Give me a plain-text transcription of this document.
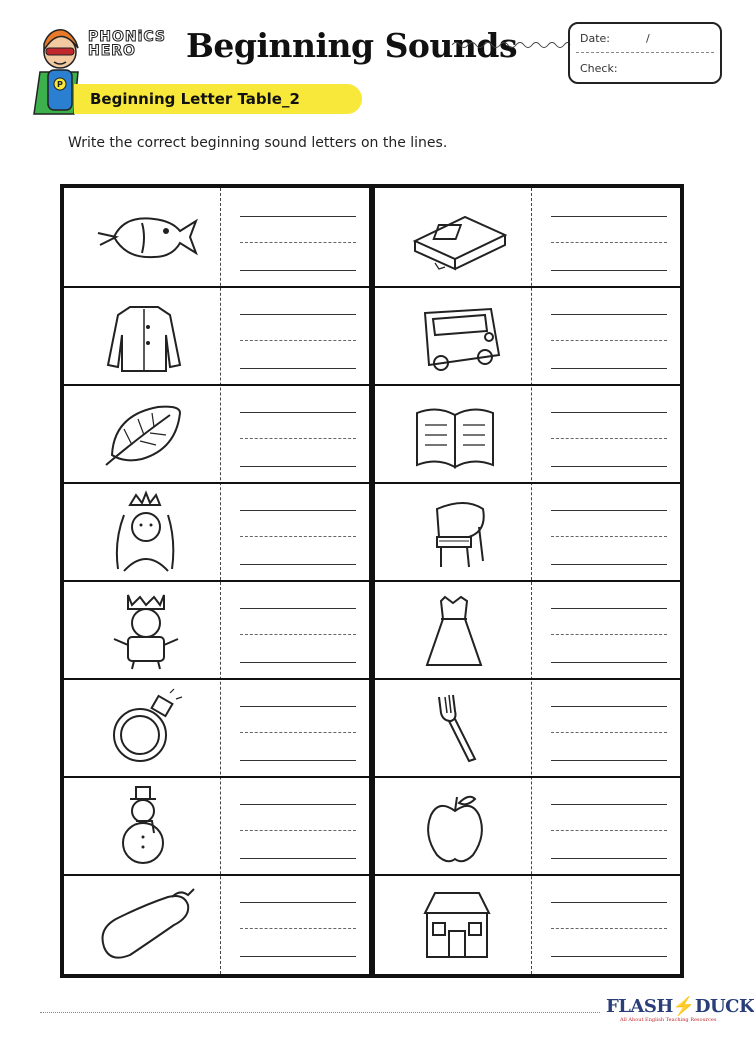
P
PHONiCS
HERO	Beginning Sounds	Date:	/
Check:
Beginning Letter Table_2
Write the correct beginning sound letters on the lines.
FLASH⚡DUCK
All About English Teaching Resources
